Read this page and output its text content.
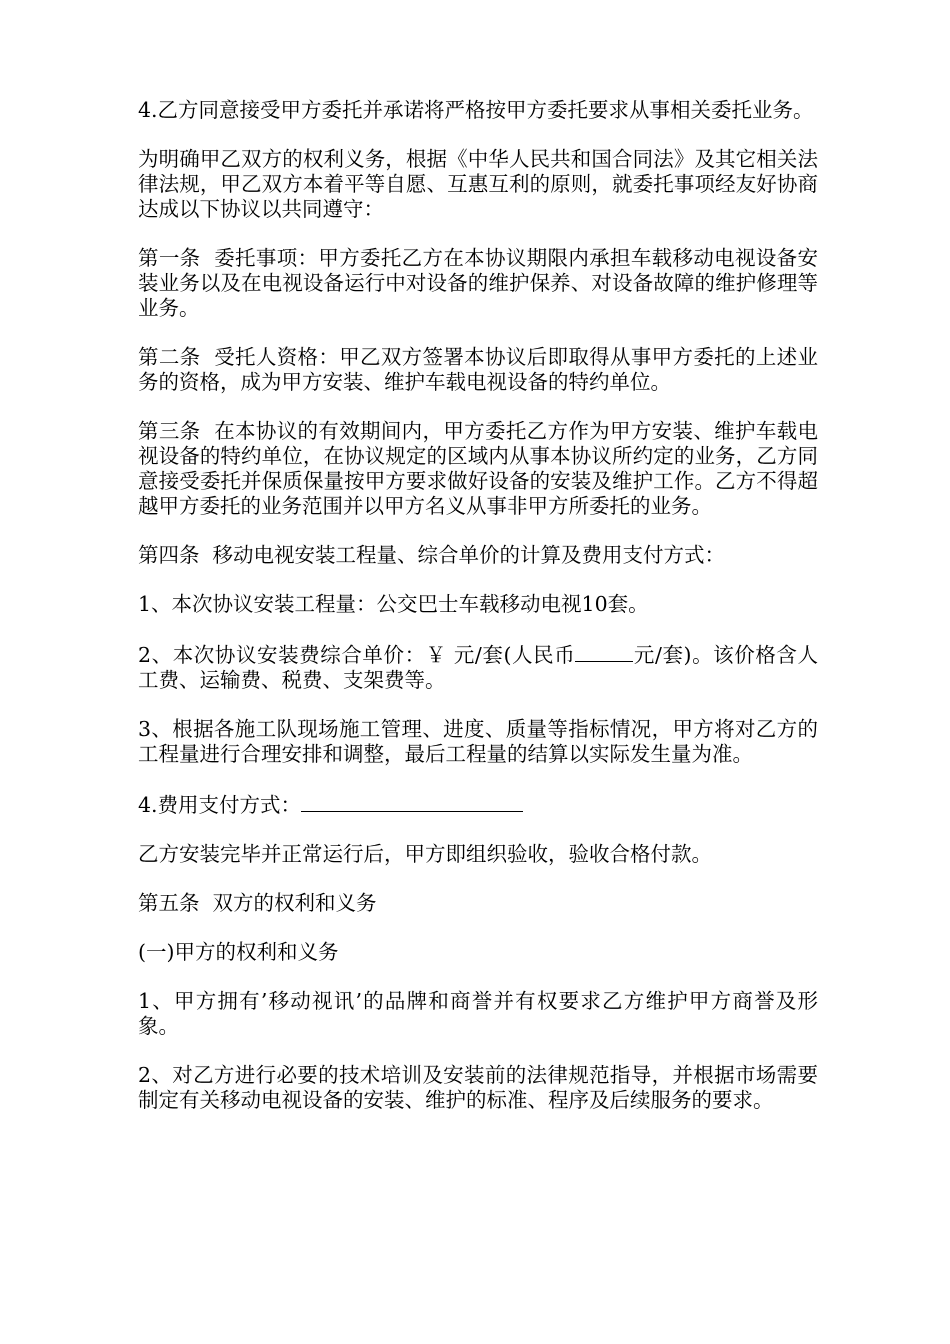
4.乙方同意接受甲方委托并承诺将严格按甲方委托要求从事相关委托业务。

为明确甲乙双方的权利义务，根据《中华人民共和国合同法》及其它相关法律法规，甲乙双方本着平等自愿、互惠互利的原则，就委托事项经友好协商达成以下协议以共同遵守：

第一条  委托事项：甲方委托乙方在本协议期限内承担车载移动电视设备安装业务以及在电视设备运行中对设备的维护保养、对设备故障的维护修理等业务。

第二条  受托人资格：甲乙双方签署本协议后即取得从事甲方委托的上述业务的资格，成为甲方安装、维护车载电视设备的特约单位。

第三条  在本协议的有效期间内，甲方委托乙方作为甲方安装、维护车载电视设备的特约单位，在协议规定的区域内从事本协议所约定的业务，乙方同意接受委托并保质保量按甲方要求做好设备的安装及维护工作。乙方不得超越甲方委托的业务范围并以甲方名义从事非甲方所委托的业务。

第四条  移动电视安装工程量、综合单价的计算及费用支付方式：

1、本次协议安装工程量：公交巴士车载移动电视10套。

2、本次协议安装费综合单价：￥ 元/套(人民币	元/套)。该价格含人工费、运输费、税费、支架费等。

3、根据各施工队现场施工管理、进度、质量等指标情况，甲方将对乙方的工程量进行合理安排和调整，最后工程量的结算以实际发生量为准。

4.费用支付方式：

乙方安装完毕并正常运行后，甲方即组织验收，验收合格付款。

第五条  双方的权利和义务

(一)甲方的权利和义务

1、甲方拥有’移动视讯’的品牌和商誉并有权要求乙方维护甲方商誉及形象。

2、对乙方进行必要的技术培训及安装前的法律规范指导，并根据市场需要制定有关移动电视设备的安装、维护的标准、程序及后续服务的要求。
